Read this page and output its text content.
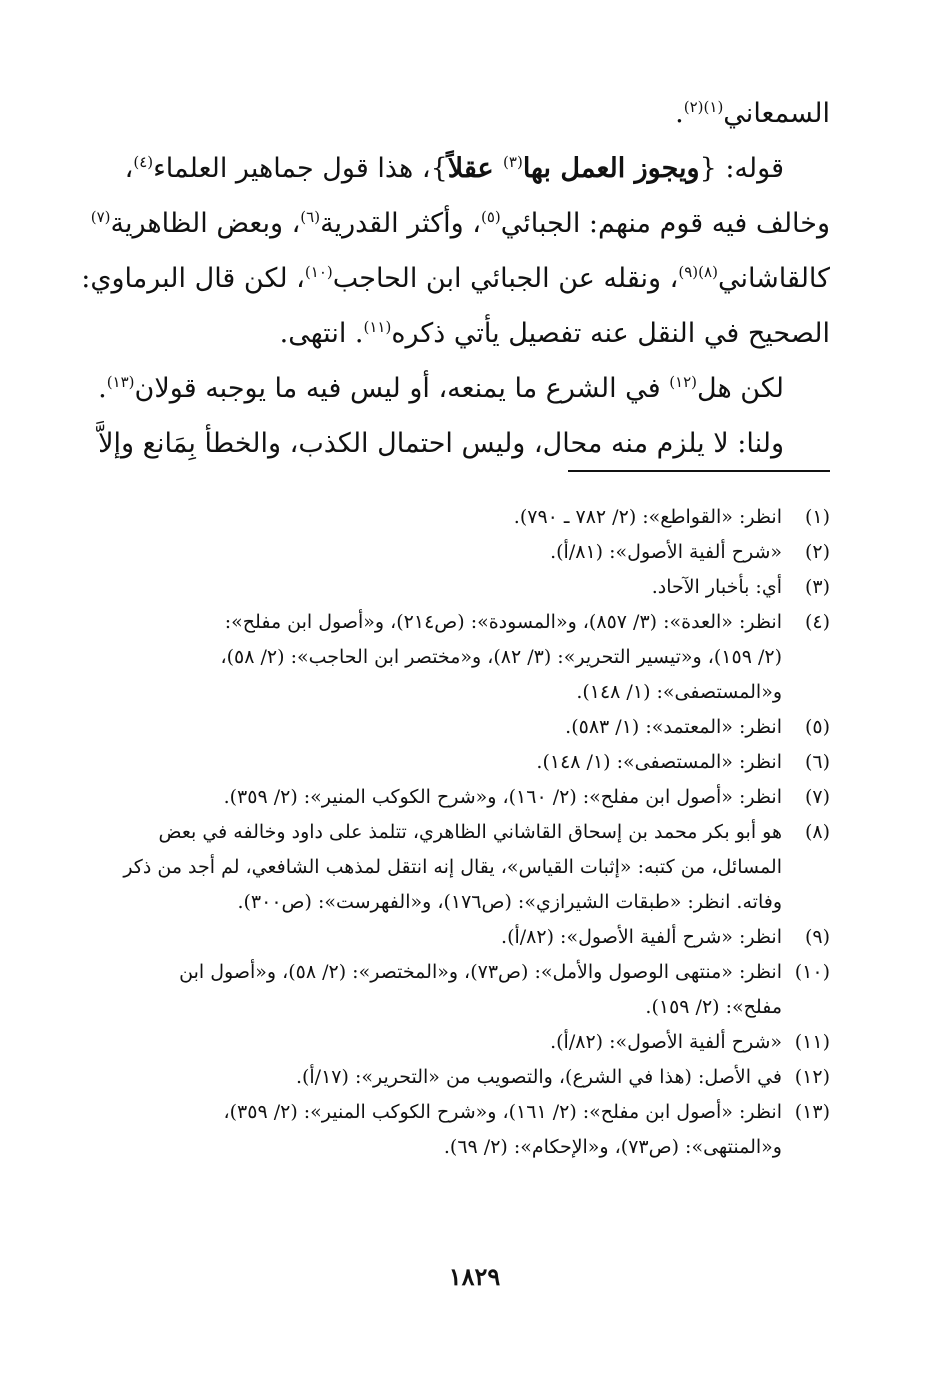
السمعاني$^{(١)(٢)}$.
قوله: {ويجوز العمل بها$^{(٣)}$ عقلاً}، هذا قول جماهير العلماء$^{(٤)}$،
وخالف فيه قوم منهم: الجبائي$^{(٥)}$، وأكثر القدرية$^{(٦)}$، وبعض الظاهرية$^{(٧)}$
كالقاشاني$^{(٨)(٩)}$، ونقله عن الجبائي ابن الحاجب$^{(١٠)}$، لكن قال البرماوي:
الصحيح في النقل عنه تفصيل يأتي ذكره$^{(١١)}$. انتهى.
لكن هل$^{(١٢)}$ في الشرع ما يمنعه، أو ليس فيه ما يوجبه قولان$^{(١٣)}$.
ولنا: لا يلزم منه محال، وليس احتمال الكذب، والخطأ بِمَانع وإلاَّ
(١)
انظر: «القواطع»: (٢/ ٧٨٢ ـ ٧٩٠).
(٢)
«شرح ألفية الأصول»: (٨١/أ).
(٣)
أي: بأخبار الآحاد.
(٤)
انظر: «العدة»: (٣/ ٨٥٧)، و«المسودة»: (ص٢١٤)، و«أصول ابن مفلح»:
(٢/ ١٥٩)، و«تيسير التحرير»: (٣/ ٨٢)، و«مختصر ابن الحاجب»: (٢/ ٥٨)،
و«المستصفى»: (١/ ١٤٨).
(٥)
انظر: «المعتمد»: (١/ ٥٨٣).
(٦)
انظر: «المستصفى»: (١/ ١٤٨).
(٧)
انظر: «أصول ابن مفلح»: (٢/ ١٦٠)، و«شرح الكوكب المنير»: (٢/ ٣٥٩).
(٨)
هو أبو بكر محمد بن إسحاق القاشاني الظاهري، تتلمذ على داود وخالفه في بعض
المسائل، من كتبه: «إثبات القياس»، يقال إنه انتقل لمذهب الشافعي، لم أجد من ذكر
وفاته. انظر: «طبقات الشيرازي»: (ص١٧٦)، و«الفهرست»: (ص٣٠٠).
(٩)
انظر: «شرح ألفية الأصول»: (٨٢/أ).
(١٠)
انظر: «منتهى الوصول والأمل»: (ص٧٣)، و«المختصر»: (٢/ ٥٨)، و«أصول ابن
مفلح»: (٢/ ١٥٩).
(١١)
«شرح ألفية الأصول»: (٨٢/أ).
(١٢)
في الأصل: (هذا في الشرع)، والتصويب من «التحرير»: (١٧/أ).
(١٣)
انظر: «أصول ابن مفلح»: (٢/ ١٦١)، و«شرح الكوكب المنير»: (٢/ ٣٥٩)،
و«المنتهى»: (ص٧٣)، و«الإحكام»: (٢/ ٦٩).
١٨٢٩
